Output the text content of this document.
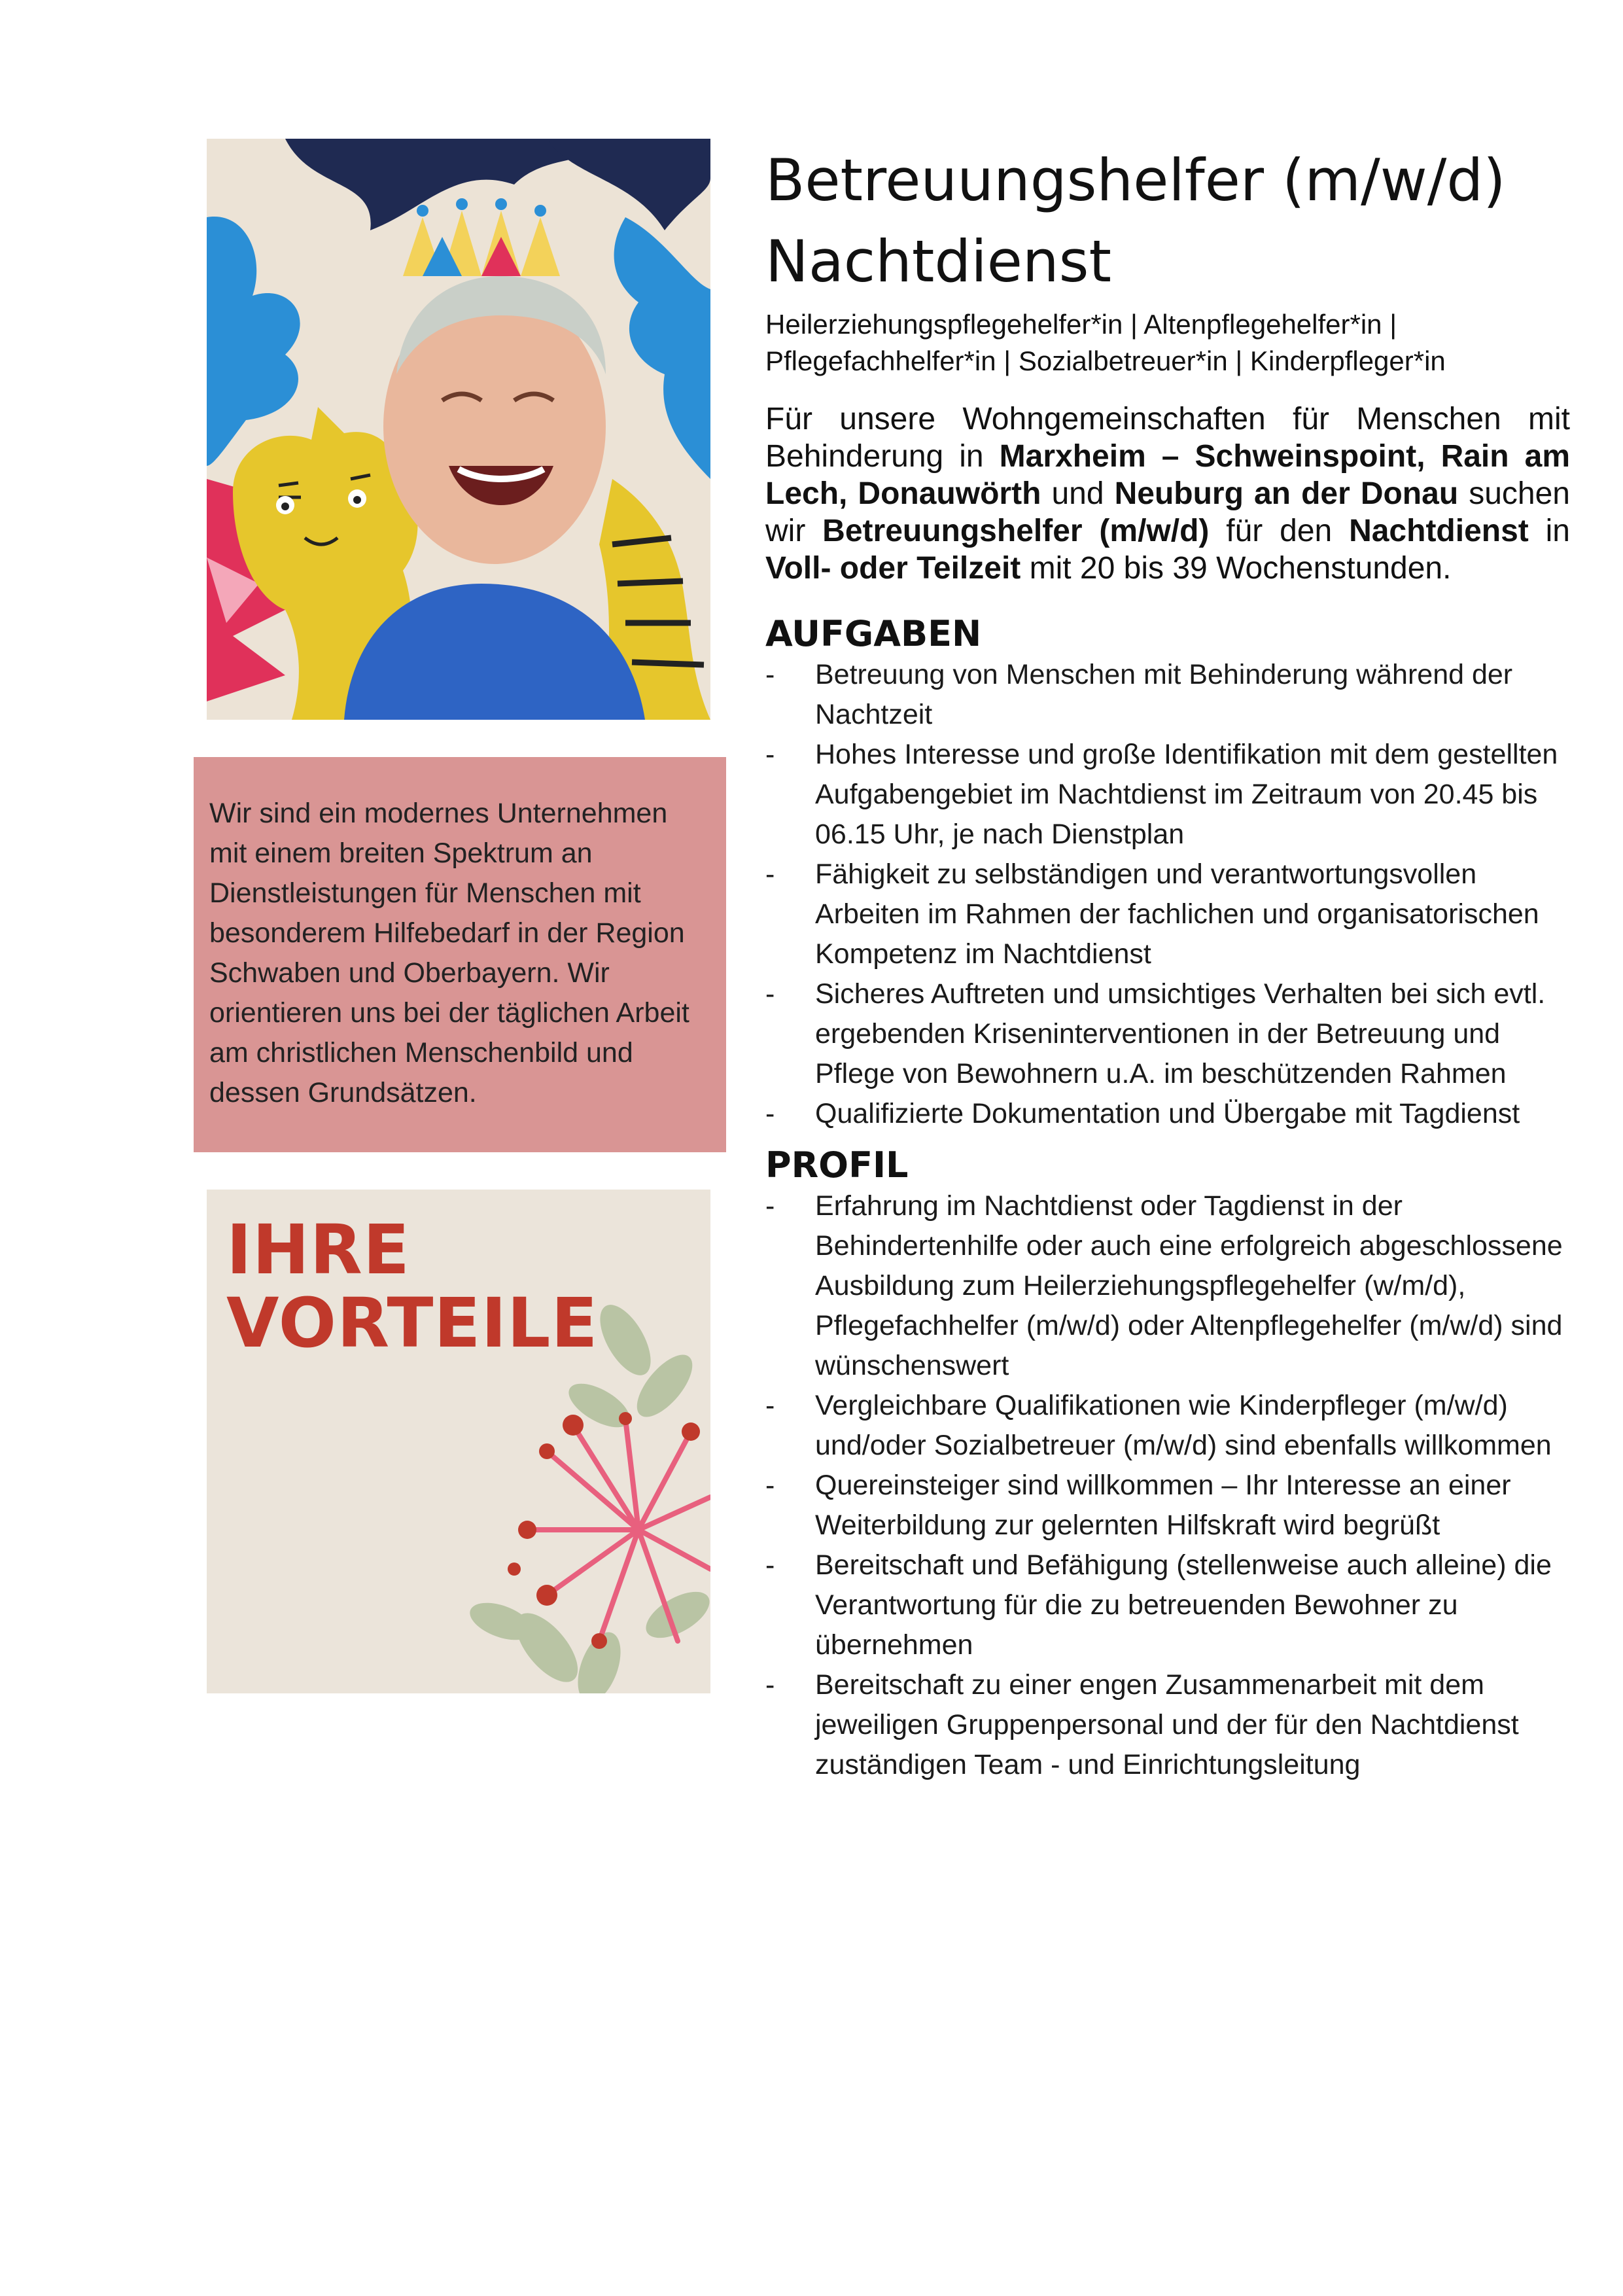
Wir sind ein modernes Unternehmen mit einem breiten Spektrum an Dienstleistungen für Menschen mit besonderem Hilfebedarf in der Region Schwaben und Oberbayern. Wir orientieren uns bei der täglichen Arbeit am christlichen Menschenbild und dessen Grundsätzen.

IHRE
VORTEILE
Betreuungshelfer (m/w/d)
Nachtdienst

Heilerziehungspflegehelfer*in | Altenpflegehelfer*in |
Pflegefachhelfer*in | Sozialbetreuer*in | Kinderpfleger*in

Für unsere Wohngemeinschaften für Menschen mit Behinderung in Marxheim – Schweinspoint, Rain am Lech, Donauwörth und Neuburg an der Donau suchen wir Betreuungshelfer (m/w/d) für den Nachtdienst in Voll- oder Teilzeit mit 20 bis 39 Wochenstunden.

AUFGABEN
-	Betreuung von Menschen mit Behinderung während der Nachtzeit
-	Hohes Interesse und große Identifikation mit dem gestellten Aufgabengebiet im Nachtdienst im Zeitraum von 20.45 bis 06.15 Uhr, je nach Dienstplan
-	Fähigkeit zu selbständigen und verantwortungsvollen Arbeiten im Rahmen der fachlichen und organisatorischen Kompetenz im Nachtdienst
-	Sicheres Auftreten und umsichtiges Verhalten bei sich evtl. ergebenden Kriseninterventionen in der Betreuung und Pflege von Bewohnern u.A. im beschützenden Rahmen
-	Qualifizierte Dokumentation und Übergabe mit Tagdienst
PROFIL
-	Erfahrung im Nachtdienst oder Tagdienst in der Behindertenhilfe oder auch eine erfolgreich abgeschlossene Ausbildung zum Heilerziehungspflegehelfer (w/m/d), Pflegefachhelfer (m/w/d) oder Altenpflegehelfer (m/w/d) sind wünschenswert
-	Vergleichbare Qualifikationen wie Kinderpfleger (m/w/d) und/oder Sozialbetreuer (m/w/d) sind ebenfalls willkommen
-	Quereinsteiger sind willkommen – Ihr Interesse an einer Weiterbildung zur gelernten Hilfskraft wird begrüßt
-	Bereitschaft und Befähigung (stellenweise auch alleine) die Verantwortung für die zu betreuenden Bewohner zu übernehmen
-	Bereitschaft zu einer engen Zusammenarbeit mit dem jeweiligen Gruppenpersonal und der für den Nachtdienst zuständigen Team - und Einrichtungsleitung
